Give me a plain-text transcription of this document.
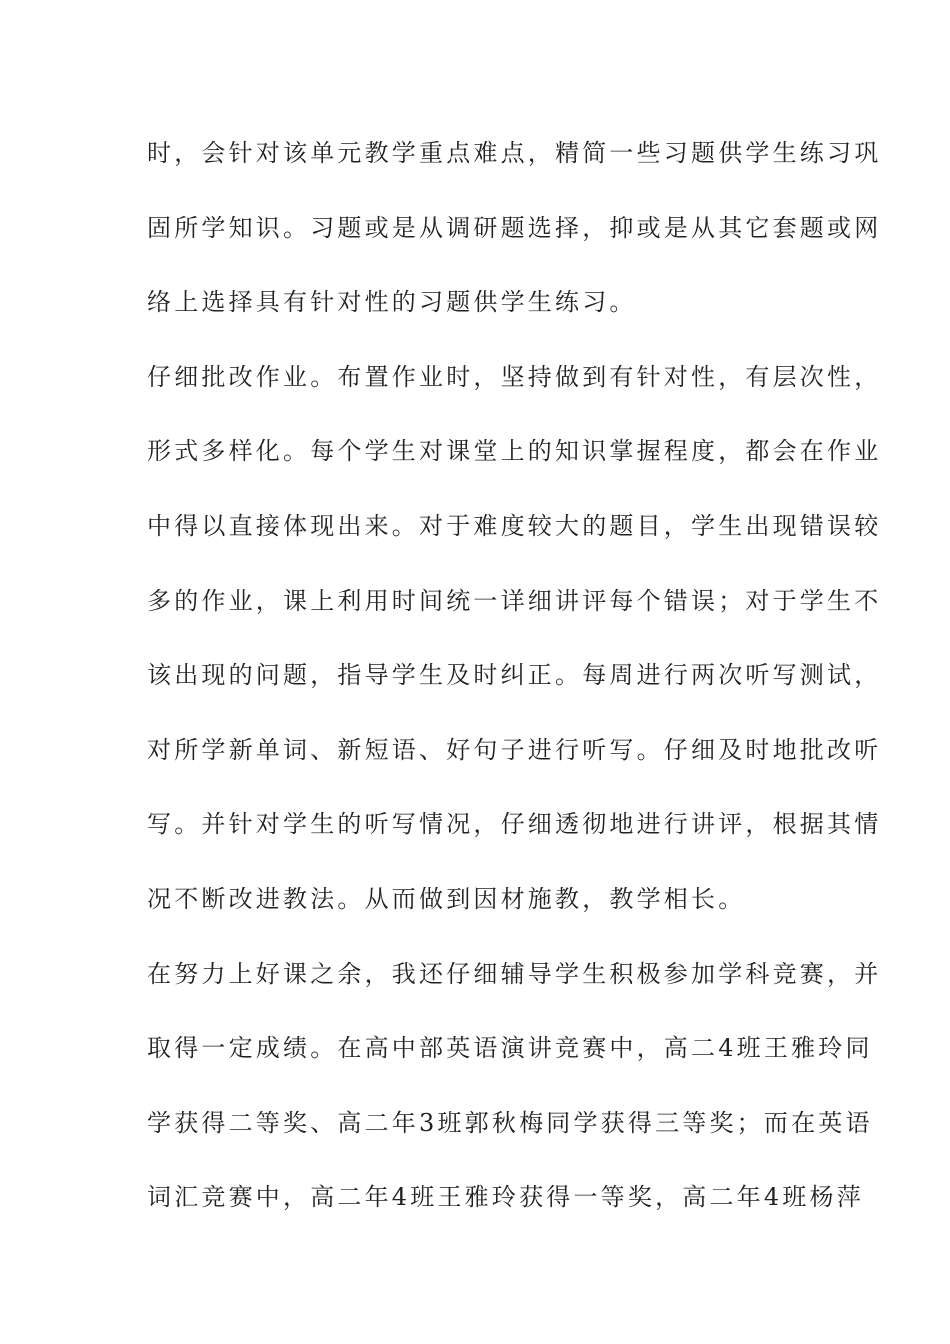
时，会针对该单元教学重点难点，精简一些习题供学生练习巩
固所学知识。习题或是从调研题选择，抑或是从其它套题或网
络上选择具有针对性的习题供学生练习。
仔细批改作业。布置作业时，坚持做到有针对性，有层次性，
形式多样化。每个学生对课堂上的知识掌握程度，都会在作业
中得以直接体现出来。对于难度较大的题目，学生出现错误较
多的作业，课上利用时间统一详细讲评每个错误；对于学生不
该出现的问题，指导学生及时纠正。每周进行两次听写测试，
对所学新单词、新短语、好句子进行听写。仔细及时地批改听
写。并针对学生的听写情况，仔细透彻地进行讲评，根据其情
况不断改进教法。从而做到因材施教，教学相长。
在努力上好课之余，我还仔细辅导学生积极参加学科竞赛，并
取得一定成绩。在高中部英语演讲竞赛中，高二4班王雅玲同
学获得二等奖、高二年3班郭秋梅同学获得三等奖；而在英语
词汇竞赛中，高二年4班王雅玲获得一等奖，高二年4班杨萍
